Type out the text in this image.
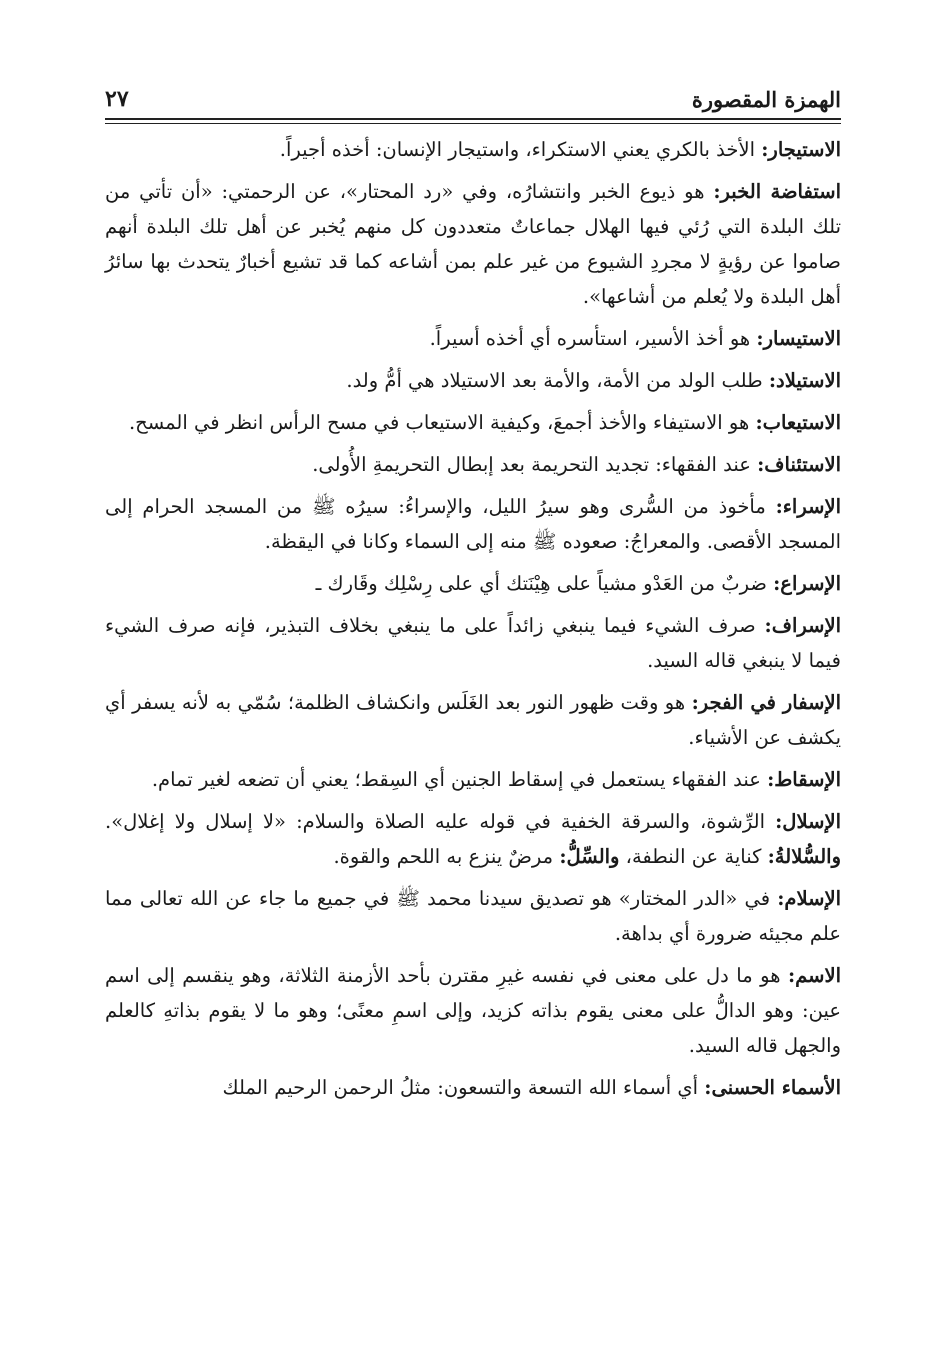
الهمزة المقصورة
٢٧

الاستيجار: الأخذ بالكري يعني الاستكراء، واستيجار الإنسان: أخذه أجيراً.

استفاضة الخبر: هو ذيوع الخبر وانتشارُه، وفي «رد المحتار»، عن الرحمتي: «أن تأتي من تلك البلدة التي رُئي فيها الهلال جماعاتٌ متعددون كل منهم يُخبر عن أهل تلك البلدة أنهم صاموا عن رؤيةٍ لا مجردِ الشيوع من غير علم بمن أشاعه كما قد تشيع أخبارٌ يتحدث بها سائرُ أهل البلدة ولا يُعلم من أشاعها».

الاستيسار: هو أخذ الأسير، استأسره أي أخذه أسيراً.

الاستيلاد: طلب الولد من الأمة، والأمة بعد الاستيلاد هي أمُّ ولد.

الاستيعاب: هو الاستيفاء والأخذ أجمعَ، وكيفية الاستيعاب في مسح الرأس انظر في المسح.

الاستئناف: عند الفقهاء: تجديد التحريمة بعد إبطال التحريمةِ الأُولى.

الإسراء: مأخوذ من السُّرى وهو سيرُ الليل، والإسراءُ: سيرُه ﷺ من المسجد الحرام إلى المسجد الأقصى. والمعراجُ: صعوده ﷺ منه إلى السماء وكانا في اليقظة.

الإسراع: ضربٌ من العَدْو مشياً على هِيْنَتك أي على رِسْلِك وقَارك ـ

الإسراف: صرف الشيء فيما ينبغي زائداً على ما ينبغي بخلاف التبذير، فإنه صرف الشيء فيما لا ينبغي قاله السيد.

الإسفار في الفجر: هو وقت ظهور النور بعد الغَلَس وانكشاف الظلمة؛ سُمّي به لأنه يسفر أي يكشف عن الأشياء.

الإسقاط: عند الفقهاء يستعمل في إسقاط الجنين أي السِقط؛ يعني أن تضعه لغير تمام.

الإسلال: الرِّشوة، والسرقة الخفية في قوله عليه الصلاة والسلام: «لا إسلال ولا إغلال». والسُّلالةُ: كناية عن النطفة، والسِّلُّ: مرضٌ ينزع به اللحم والقوة.

الإسلام: في «الدر المختار» هو تصديق سيدنا محمد ﷺ في جميع ما جاء عن الله تعالى مما علم مجيئه ضرورة أي بداهة.

الاسم: هو ما دل على معنى في نفسه غيرِ مقترن بأحد الأزمنة الثلاثة، وهو ينقسم إلى اسم عين: وهو الدالُّ على معنى يقوم بذاته كزيد، وإلى اسمِ معنًى؛ وهو ما لا يقوم بذاتهِ كالعلم والجهل قاله السيد.

الأسماء الحسنى: أي أسماء الله التسعة والتسعون: مثلُ الرحمن الرحيم الملك
